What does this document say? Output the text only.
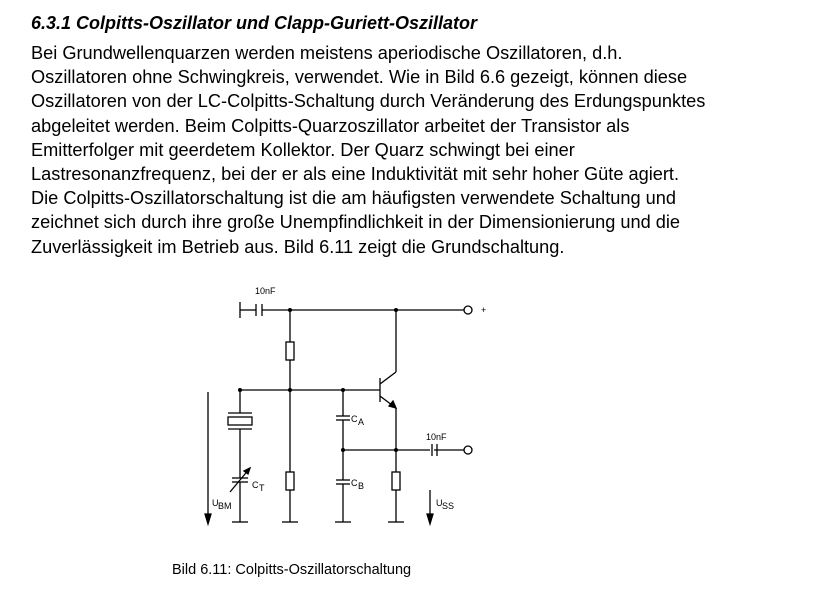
6.3.1 Colpitts-Oszillator und Clapp-Guriett-Oszillator

Bei Grundwellenquarzen werden meistens aperiodische Oszillatoren, d.h.
Oszillatoren ohne Schwingkreis, verwendet. Wie in Bild 6.6 gezeigt, können diese
Oszillatoren von der LC-Colpitts-Schaltung durch Veränderung des Erdungspunktes
abgeleitet werden. Beim Colpitts-Quarzoszillator arbeitet der Transistor als
Emitterfolger mit geerdetem Kollektor. Der Quarz schwingt bei einer
Lastresonanzfrequenz, bei der er als eine Induktivität mit sehr hoher Güte agiert.
Die Colpitts-Oszillatorschaltung ist die am häufigsten verwendete Schaltung und
zeichnet sich durch ihre große Unempfindlichkeit in der Dimensionierung und die
Zuverlässigkeit im Betrieb aus. Bild 6.11 zeigt die Grundschaltung.

10nF
+
C T
C A
C B
10nF
U BM	U SS

Bild 6.11: Colpitts-Oszillatorschaltung
